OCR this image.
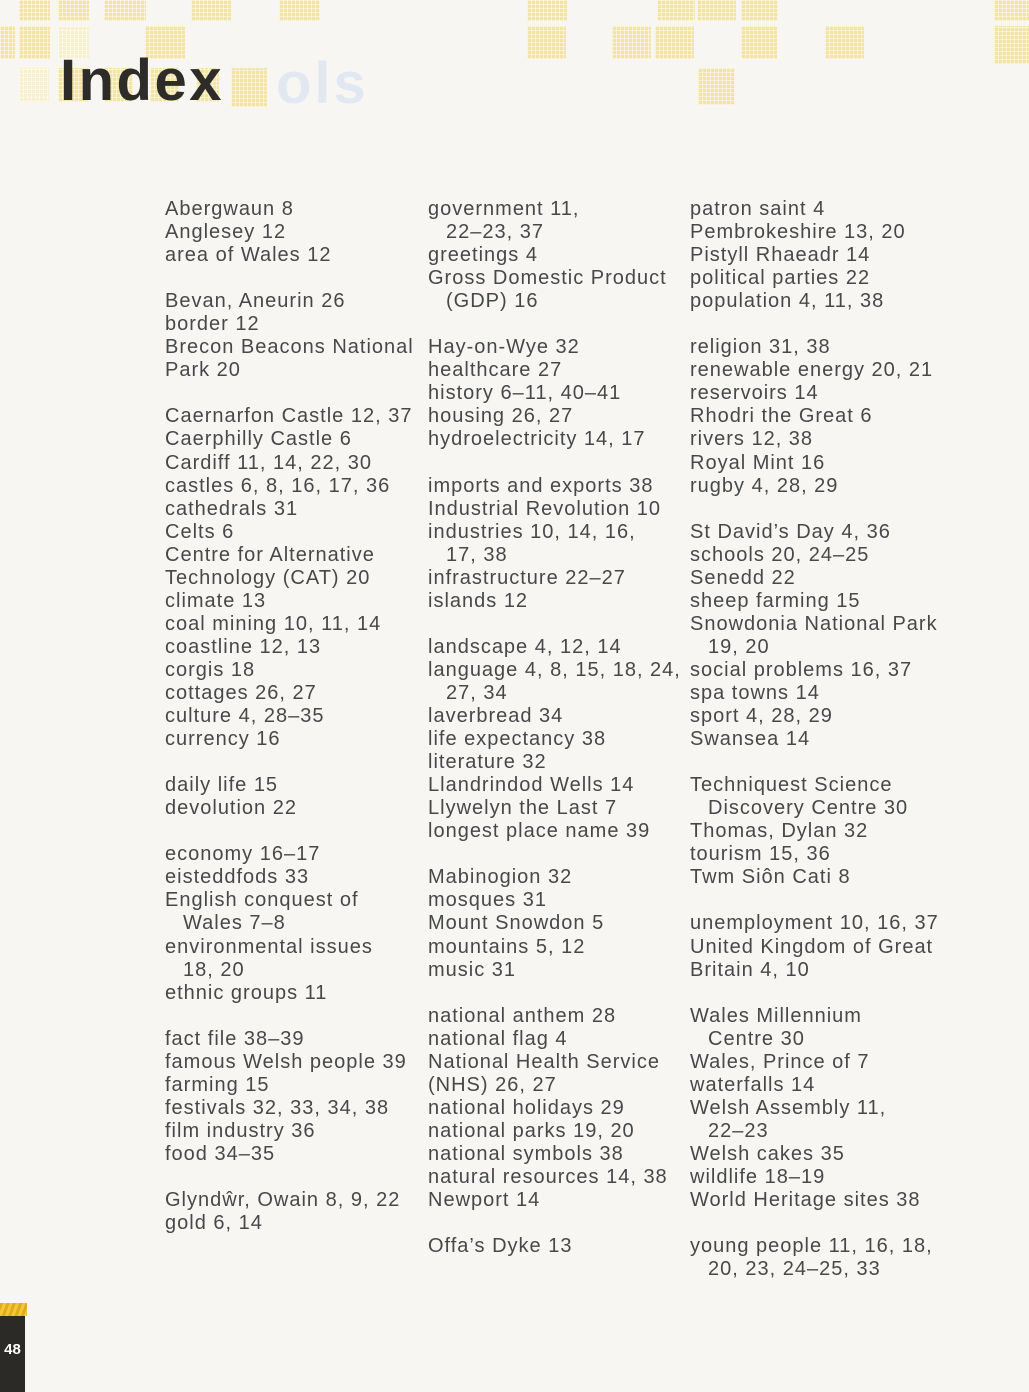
ols

Index
Abergwaun 8
Anglesey 12
area of Wales 12
Bevan, Aneurin 26
border 12
Brecon Beacons National
Park 20
Caernarfon Castle 12, 37
Caerphilly Castle 6
Cardiff 11, 14, 22, 30
castles 6, 8, 16, 17, 36
cathedrals 31
Celts 6
Centre for Alternative
Technology (CAT) 20
climate 13
coal mining 10, 11, 14
coastline 12, 13
corgis 18
cottages 26, 27
culture 4, 28–35
currency 16
daily life 15
devolution 22
economy 16–17
eisteddfods 33
English conquest of
Wales 7–8
environmental issues
18, 20
ethnic groups 11
fact file 38–39
famous Welsh people 39
farming 15
festivals 32, 33, 34, 38
film industry 36
food 34–35
Glyndŵr, Owain 8, 9, 22
gold 6, 14
government 11,
22–23, 37
greetings 4
Gross Domestic Product
(GDP) 16
Hay-on-Wye 32
healthcare 27
history 6–11, 40–41
housing 26, 27
hydroelectricity 14, 17
imports and exports 38
Industrial Revolution 10
industries 10, 14, 16,
17, 38
infrastructure 22–27
islands 12
landscape 4, 12, 14
language 4, 8, 15, 18, 24,
27, 34
laverbread 34
life expectancy 38
literature 32
Llandrindod Wells 14
Llywelyn the Last 7
longest place name 39
Mabinogion 32
mosques 31
Mount Snowdon 5
mountains 5, 12
music 31
national anthem 28
national flag 4
National Health Service
(NHS) 26, 27
national holidays 29
national parks 19, 20
national symbols 38
natural resources 14, 38
Newport 14
Offa’s Dyke 13
patron saint 4
Pembrokeshire 13, 20
Pistyll Rhaeadr 14
political parties 22
population 4, 11, 38
religion 31, 38
renewable energy 20, 21
reservoirs 14
Rhodri the Great 6
rivers 12, 38
Royal Mint 16
rugby 4, 28, 29
St David’s Day 4, 36
schools 20, 24–25
Senedd 22
sheep farming 15
Snowdonia National Park
19, 20
social problems 16, 37
spa towns 14
sport 4, 28, 29
Swansea 14
Techniquest Science
Discovery Centre 30
Thomas, Dylan 32
tourism 15, 36
Twm Siôn Cati 8
unemployment 10, 16, 37
United Kingdom of Great
Britain 4, 10
Wales Millennium
Centre 30
Wales, Prince of 7
waterfalls 14
Welsh Assembly 11,
22–23
Welsh cakes 35
wildlife 18–19
World Heritage sites 38
young people 11, 16, 18,
20, 23, 24–25, 33
48
